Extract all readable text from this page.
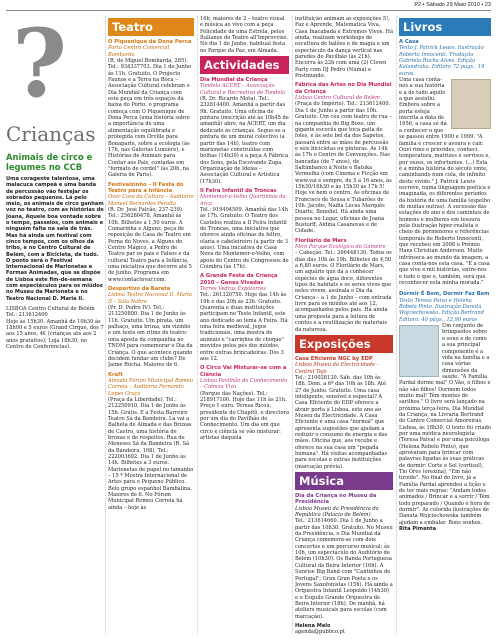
P2 • Sábado 29 Maio 2010 • 23
?
Crianças
Animais de circo e legumes no CCB
Uma coragente talentosa, uma malacuca campeã e uma banda de percussão vão festejar os sobrados pequenos. Lá pelo meio, os animais de circo ganham voz no teatro, com as histórias de Joana, Aquele boa vontade sobre o tempo, passeios, com animais e ninguém falta na sala de trás. Mas há ainda um festival com cinco tempos, com os olhos da tribo, e no Centro Cultural de Belém, com a Bicicleta, de tudo. O ponto será o Festival Internacional de Marionetas e Formas Animadas, que se dispõe de Lisboa este fim-de-semana com espectáculos para os miúdos no Museu da Marioneta e no Teatro Nacional D. Maria II.
LISBOA Centro Cultural de Belém
Tel.: 213612400
Hoje às 15h30. Amanhã de 10h30 às 18h00 e 5 euros (Grand Cirque, dos 7 aos 15 anos, 4€ (crianças até aos 2 anos gratuitos); Loja 18h30; no Centro de Conferências).
Teatro
O Piquenique de Dona Perca
Porto Centro Comercial Bombarda
(R. de Miguel Bombarda, 285). Tel.: 934337703. Dia 1 de Junho às 11h. Gratuito. O Projecto Faunos e a Terra na Boca – Associação Cultural celebram o Dia Mundial da Criança com este peça em três espaços da baixa do Porto: o programa começa com O Piquenique de Dona Perca (uma história sobre a importância de uma alimentação equilibrada e protegida com Orville para Bonaparte, sobre a ecologia (às 17h, nas Galerias Lumière), e Histórias de Animais para Contar aos Pais, contadas em "formato de cordel" (às 20h, na Galeria de Paris).
Festivalzinho – II Festa do Teatro para a Infância
Ovar Casa da Cultura – Auditório Manuel Bernardes Peralta
(R. Dr. José Falcão, 237-239). Tel.: 256280478. Amanhã às 10h. Bilhetes a 1,50 euros. A Cumarinha e Alguns, peça de reposição de Casa de Teatro em Perna do Noves, a Alguns do Centro Mágico, a Pedro de Teatro par os pais e Falsos e da cultural Teatro para a Infância, uma iniciativa que decorre até 5 de Junho. Programa em www.contactovar.com.
Desportivo da Barata
Lisboa Teatro Nacional D. Maria II – Sala Nobre
(Pr. D. Pedro IV). Tel.: 213250800. Dia 1 de Junho às 11h. Gratuito. Um pirata, um palhaço, uma bruxa, um vizinho e um texto em ritmo de teatro: uma aposta da companhia no TNDM para comemorar o Dia da Criança. O que acontece quando decidem fundar um clube? De Jaime Rocha. Maiores de 6.
Kraft
Almada Fórum Municipal Romeu Correia – Auditório Fernando Lopes Graça
(Praça da Liberdade). Tel.: 212250910. Dia 1 de Junho às 15h. Grátis. E a Festa Barreiro Teatro Sá da Bandeira. Lá vai a Balheta de Almada e das Bruxas de Castro, uma história de bruxas e de respeitos. Rua de Meneses Sá da Bandeira (R. Sá da Bandeira, 108). Tel.: 222003692. Dia 1 de Junho às 14h. Bilhetes a 3 euros. Marionetas de papel no tamanho – 15 * Mostra Internacional de Artes para o Pequeno Público. Belo grupo espanhol Bambalina. Maiores de 6. No Fórum Municipal Romeu Correia há ainda – hoje às
16h, maiores de 2 – teatro visual e música ao vivo com a peça Felicidade de uma Estrela, pelos Italianos do Teatro all'Improvviso. No dia 1 de Junho, habitual festa no Parque da Paz, em Almada.
Actividades
Dia Mundial da Criança
Tondela ACERT – Associação Cultural e Recreativa de Tondela
(R. Dr. Ricardo Mota). Tel.: 232814400. Amanhã a partir das 9h. Gratuito. Uma oficina de pintura (inscrição até às 10h45 de amanhã) abre, na ACERT, um dia dedicado às crianças. Segue-se a pintura de um mural colectivo (a partir das 14h), teatro com marionetas construídas com bolhas (14h30) e a peça A Fábrica dos Sons, pela Escovando Zupa. Organização de Ideias – Associação Cultural e Artística (17h30).
II Feira Infantil de Troncas
Montemor-o-Velho Quartinhos da Arca
Tel.: 919494509. Amanhã das 14h às 17h. Gratuito. O Teatro dos Castelos realiza a II Feira Infantil de Troncas, uma iniciativa que oferece ainda oficinas de feltro, olaria e cabeleireiro (a partir de 3 anos). Uma iniciativa de Casa Nova de Montemor-o-Velho, com apoio do Centro de Congressos de Coimbra (às 17h).
A Grande Festa da Criança 2010 – Genes Vivadas
Torres Vedras Expotorres
Tel.: 261320750. Hoje das 14h às 19h e das 20h às 23h. Gratuito. Quarenta e duas instituições participam no Teste Infantil, este ano dedicado ao tema A Feira. Há uma feira medieval, jogos tradicionais, uma mostra de animais e "carrinhos de choque" movidos pelos pés dos miúdos, entre outras brincadeiras. Dos 3 aos 12.
O Circo Vai Misturar-se com a Ciência
Lisboa Pavilhão do Conhecimento – Ciência Viva
(Parque das Nações). Tel.: 218917100. Hoje das 11h às 21h. Preço 1 euro. Teresa Ricou, presidente do Chapitô, e directora por um dia do Pavilhão do Conhecimento. Um dia em que circo e ciência se vão misturar: artistas daquela
instituição animam as exposições 5!, Faz e Aprende, Matemática Viva, Casa Inacabada e Extremos Vivos. Há ainda, realizam workshops de escultura de balões e de magia e um espectáculo da dança vertical nas paredes do Pavilhão (às 21h). Encerra às 22h com uma (2) Clown Party com DJ Pedro (Numa) e Postmundo.
Fábrica das Artes no Dia Mundial da Criança
Lisboa Centro Cultural de Belém
(Praça do Império). Tel.: 213612400. Dia 1 de Junho a partir das 10h. Gratuito. Um céu com teatro de rua – na companhia do Big Bozo, um gigante escocês que toca gaita de foles, e às sete bel da dos Sapetos, passará entre as mãos de percussão e seis bicicletas ou pinturas. Às 14h às 17h o Centro de Convenções. Nas bancadas (de 7 anos), de Saltimbanco à Noite e Batuka Vermelha (com Cinema e Ficção em www.vai é sempre, de 5 a 16 anos, às 15h30/16h30 e às 15h30 às 17h 5! Hoje ve bem o centro. As oficinas de Francisco de Sousa e Tubarões de 10h. Jacobs, Nadia Lucas Marquês Duarte, Benoliel. Há ainda uma pessoa no Lugar, oficinas de Joana Bustorff, Aldina Casanovas e de Cidade.
Florilário de Mars
Mira Parque Ecológico do Gameiro
– Cabeção. Tel.: 266448130. Todos os dias das 10h às 19h. Bilhetes de 4,50 a 6,80 euros. O Florilário de Mars, um aquário que dá a conhecer espécies de água doce, diferentes tipos de habitats e os seres vivos que neles vivem, assinala o Dia da Criança – a 1 de Junho – com entrada livre para os miúdos até aos 12, acompanhados pelos pais. Há ainda uma proposta para a leitura de contos e a reutilização de materiais da natureza.
Exposições
Casa Eficiente NGC by EDP
Lisboa Museu da Electricidade – Central Tejo
Tel.: 210028130. Sáb. das 10h às 18h. Dom. a 6ª das 10h às 18h. Até 27 de Junho. Gratuito. Uma casa inteligente, sensível e especial? A Casa Eficiente do EDP oferece a atrair porta à Lisboa, este ano ao Museu da Electricidade. A Casa Eficiente é uma casa "normal" que apresenta sugestões que ajudam a reduzir o consumo de energia e das mãos. Oficina que, aos recebe e oferece na sua casa um "pegada humana". Há visitas acompanhadas para escolas e outras instituições (marcação prévia).
Música
Dia da Criança no Museu da Presidência
Lisboa Museu da Presidência da República (Palácio de Belém)
Tel.: 213614660. Dia 1 de Junho a partir das 10h30. Gratuito. No Museu da Presidência, o Dia Mundial da Criança comemora-se com dois concertos e um percurso musical; às 10h, um espectáculo do Auditório de Belém (10h30). Os Banda Portuguesa Cultural da Beira Interior (16h). A Sunrise Big Band com "Cantinhos de Portugal"; Gran Gran Poeta e os Jovens Saxofonistas (15h). Há ainda a Orquestra Infantil Leopoldo (14h30) e o Esquilo Grande Orquestra de Beira Interior (18h). De manhã, há ateliers musicais para escolas (com marcação).
Helena Melo
agenda@publico.pt
Livros
A Casa
Texto J. Patrick Lewis. Ilustração Roberto Innocenti. Tradução Gabriela Rocha Alves. Edição Kalandraka. Editora 72 págs., 19 euros.
Uma casa conta-nos a sua história e a de tudo aquilo a que assistiu. Embora sobre a porta esteja inscrita a data de 1656, a casa só dá a conhecer o que se passou entre 1900 e 1999. "A família e crescer e avoura e cair. Ouvi rimo e priorides, conheci temperatura, matrizes e sorrisos e, por vezes, os infortunios. (...) Esta é a minha história do século vinte, caminhando num cola, de infinito deste vivido." J. Patrick Lewis escreve, numa linguagem poética e imaginada, os diferentes períodos da história de uma família (espelho de muitas outras). A sucessão das estações do ano e dos caminhos de homens e mulheres em tesoura pela ilustração hiper-realista e cheio de pormenores e referências temporais de Roberto Innocenti, que recebeu em 2008 o Prémio Hans Christian Andersen. Muito intrínseca ao mundo da imagem, a casa conta-nos esta casa. "E a casa que vive e mil histórias, entre-nos e tudo o que e, também, será que reconhecer esta minha morada."
Dormir É Bom, Dormir Faz Bem
Texto Teresa Paiva e Helena Bobela Pinto. Ilustração Danuta Wojciechowska. Edição Bertrand Editora. 40 págs., 12,90 euros
Um conjunto de brinquedos sobre o sono e de como a sua principal componente é a vida na família e a casa várias dimensões da saúde. "A Família Pardal dorme mal" Ó Vão, o filhos e não são filhos! Dormem todos muito mal! Têm montes de sarilhos." O livro será lançado na próxima terça-feira, Dia Mundial da Criança, na Livraria Bertrand do Centro Comercial Amoreiras, Lisboa, às 18h30. O texto foi criado por uma médica neurologista (Teresa Paiva) e por uma psicóloga (Helena Rebelo Pinto), que aprovaram para brincar com palavras ligadas às suas práticas de dormir: Corte e Sol (cortisol), Tio Ores (orexina), "Em não tiroide". No final do livro, já a Família Pardal aprendeu a lição o de ter mais regras: "Andam todos animados / Brincar e a sorrir / Tém todo preparado / Quando é hora de dormir". As colorida ilustrações de Danuta Wojciechowska também ajudam a embalar. Bons sonhos.
Rita Pimenta
